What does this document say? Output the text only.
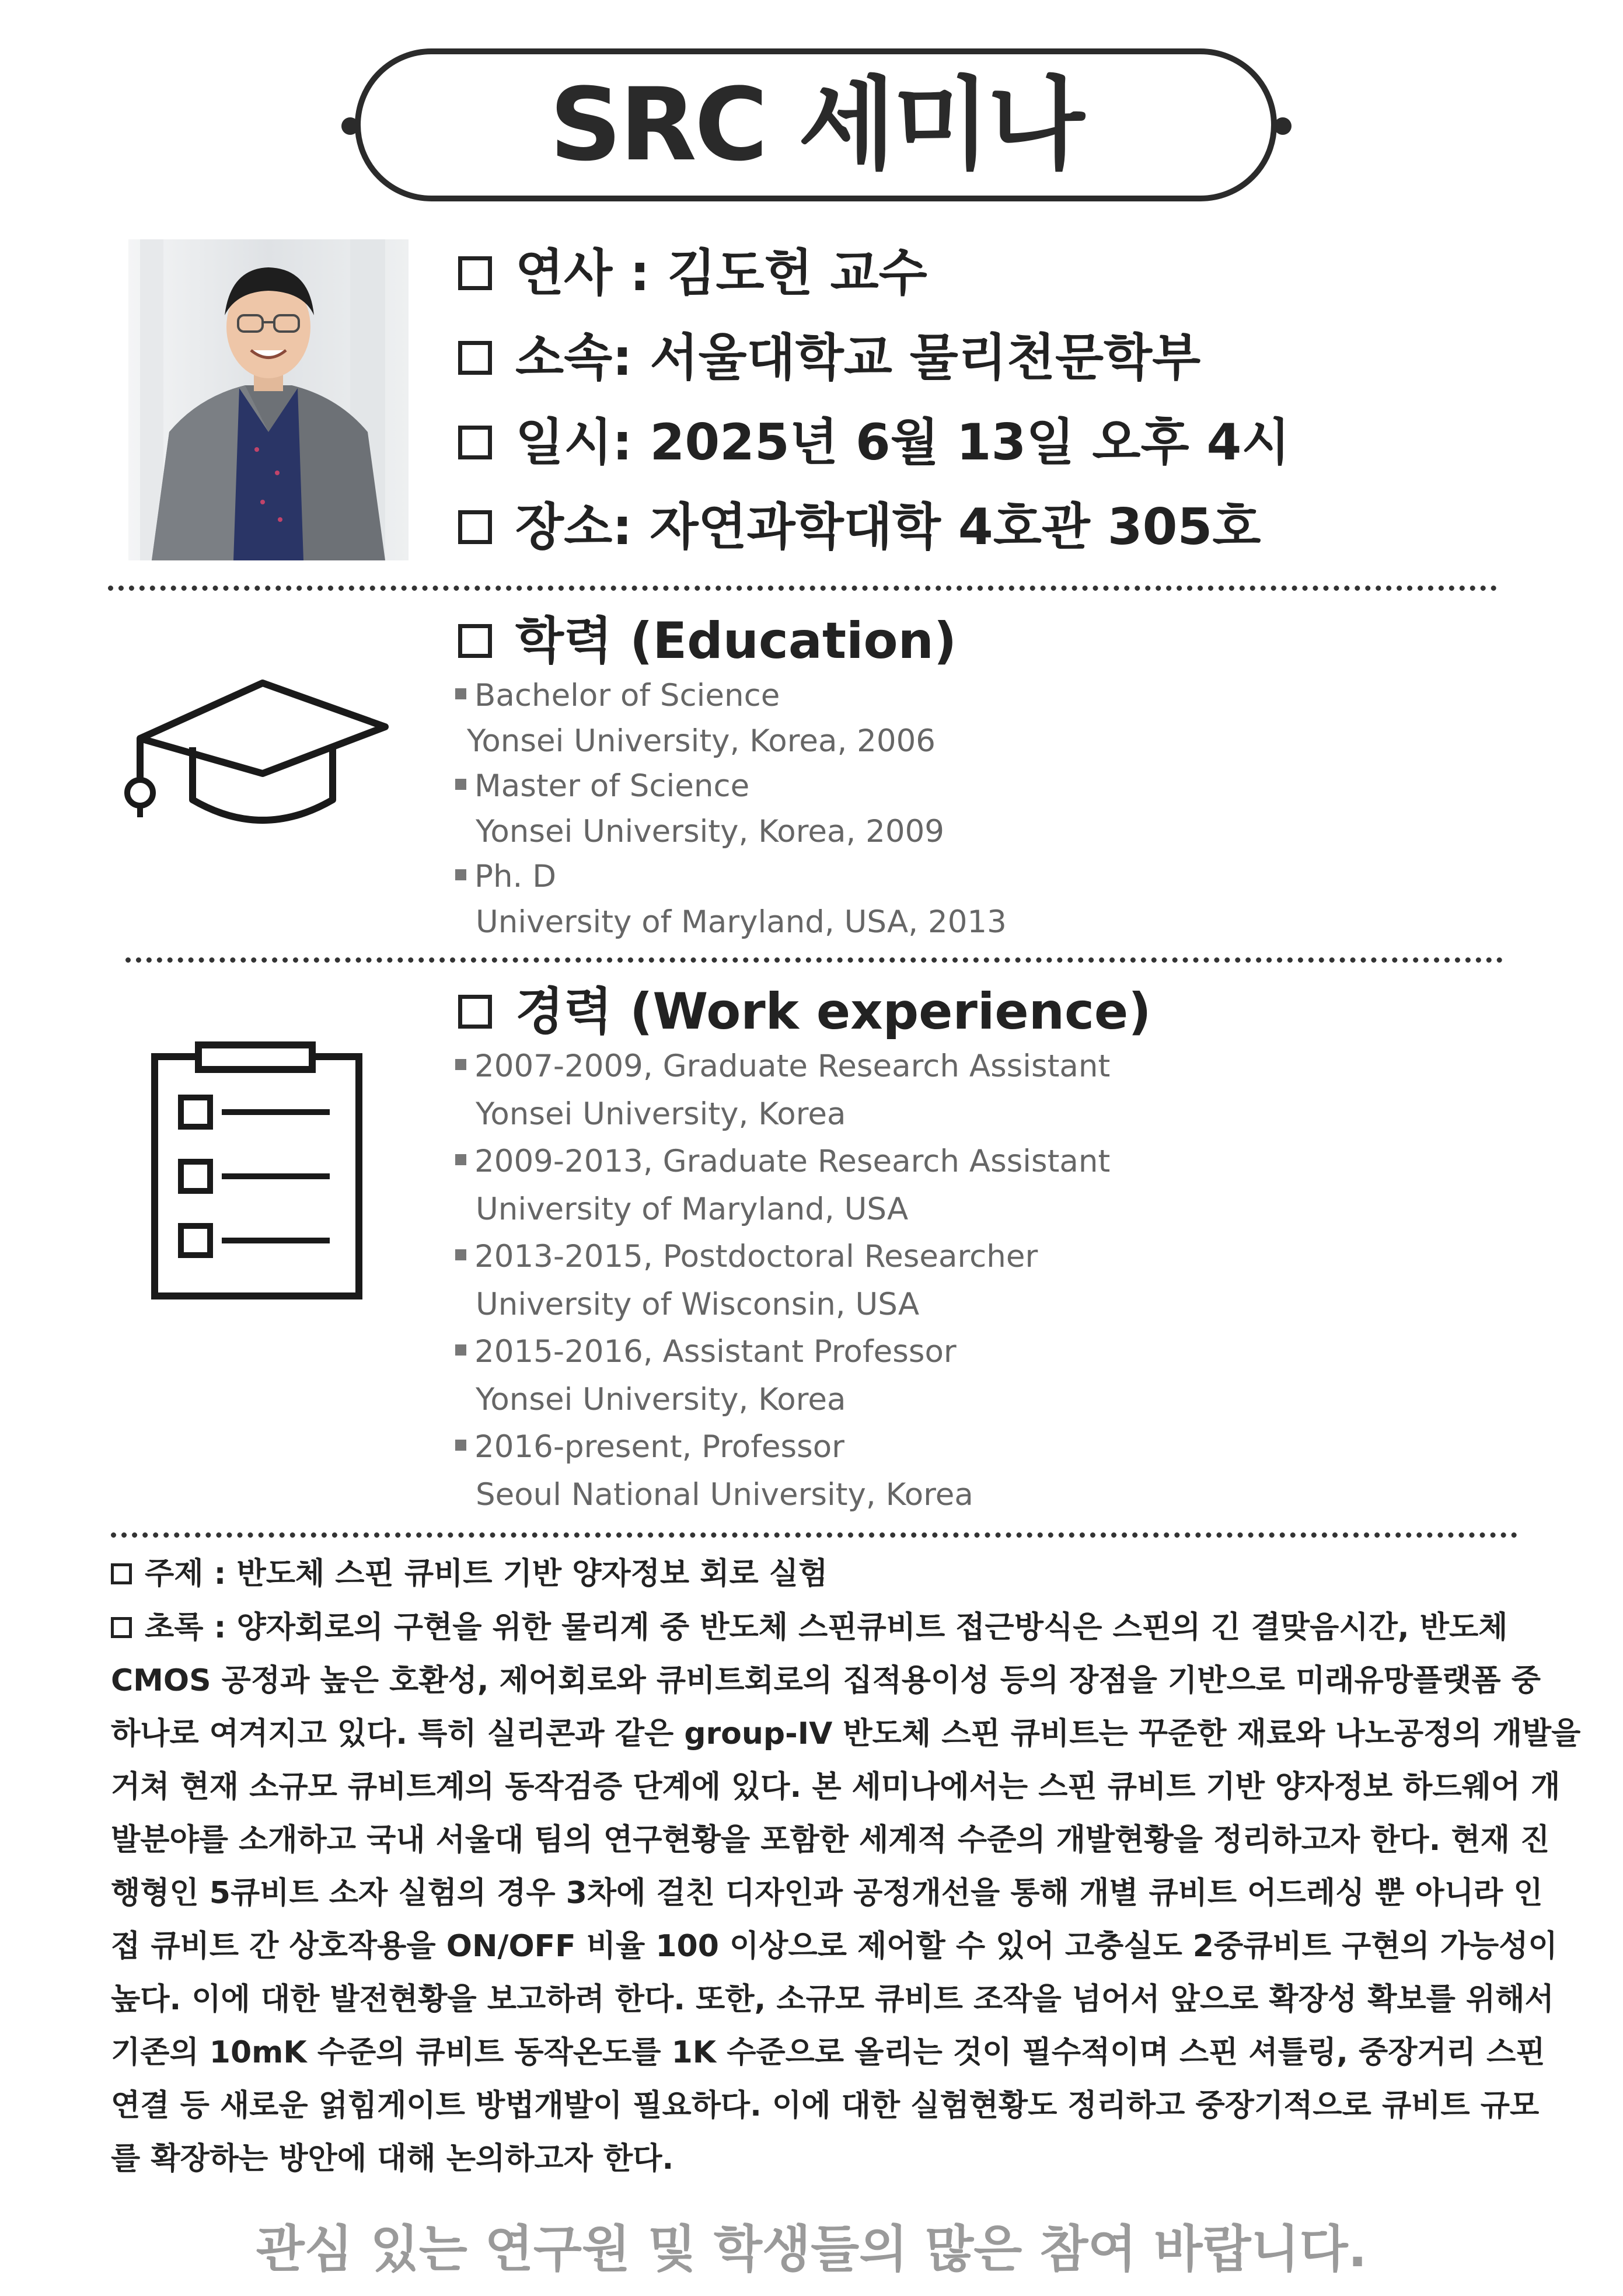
SRC 세미나
연사 : 김도헌 교수
소속: 서울대학교 물리천문학부
일시: 2025년 6월 13일 오후 4시
장소: 자연과학대학 4호관 305호
학력 (Education)
Bachelor of Science
Yonsei University, Korea, 2006
Master of Science
Yonsei University, Korea, 2009
Ph. D
University of Maryland, USA, 2013
경력 (Work experience)
2007-2009, Graduate Research Assistant
Yonsei University, Korea
2009-2013, Graduate Research Assistant
University of Maryland, USA
2013-2015, Postdoctoral Researcher
University of Wisconsin, USA
2015-2016, Assistant Professor
Yonsei University, Korea
2016-present, Professor
Seoul National University, Korea
주제 : 반도체 스핀 큐비트 기반 양자정보 회로 실험
초록 : 양자회로의 구현을 위한 물리계 중 반도체 스핀큐비트 접근방식은 스핀의 긴 결맞음시간, 반도체
CMOS 공정과 높은 호환성, 제어회로와 큐비트회로의 집적용이성 등의 장점을 기반으로 미래유망플랫폼 중
하나로 여겨지고 있다. 특히 실리콘과 같은 group-IV 반도체 스핀 큐비트는 꾸준한 재료와 나노공정의 개발을
거쳐 현재 소규모 큐비트계의 동작검증 단계에 있다. 본 세미나에서는 스핀 큐비트 기반 양자정보 하드웨어 개
발분야를 소개하고 국내 서울대 팀의 연구현황을 포함한 세계적 수준의 개발현황을 정리하고자 한다. 현재 진
행형인 5큐비트 소자 실험의 경우 3차에 걸친 디자인과 공정개선을 통해 개별 큐비트 어드레싱 뿐 아니라 인
접 큐비트 간 상호작용을 ON/OFF 비율 100 이상으로 제어할 수 있어 고충실도 2중큐비트 구현의 가능성이
높다. 이에 대한 발전현황을 보고하려 한다. 또한, 소규모 큐비트 조작을 넘어서 앞으로 확장성 확보를 위해서
기존의 10mK 수준의 큐비트 동작온도를 1K 수준으로 올리는 것이 필수적이며 스핀 셔틀링, 중장거리 스핀
연결 등 새로운 얽힘게이트 방법개발이 필요하다. 이에 대한 실험현황도 정리하고 중장기적으로 큐비트 규모
를 확장하는 방안에 대해 논의하고자 한다.
관심 있는 연구원 및 학생들의 많은 참여 바랍니다.
